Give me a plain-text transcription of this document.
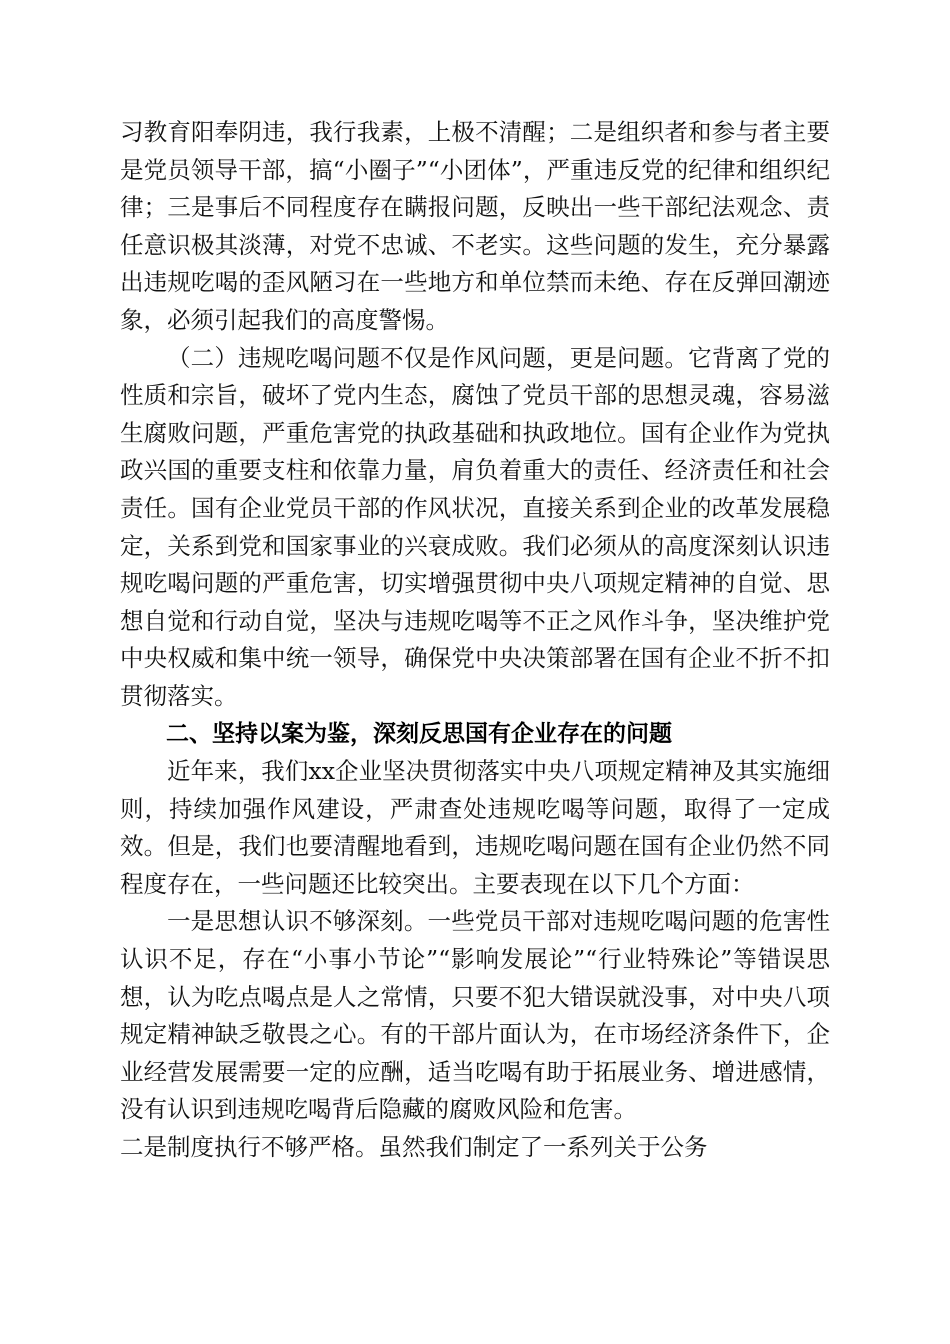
习教育阳奉阴违，我行我素，上极不清醒；二是组织者和参与者主要是党员领导干部，搞“小圈子”“小团体”，严重违反党的纪律和组织纪律；三是事后不同程度存在瞒报问题，反映出一些干部纪法观念、责任意识极其淡薄，对党不忠诚、不老实。这些问题的发生，充分暴露出违规吃喝的歪风陋习在一些地方和单位禁而未绝、存在反弹回潮迹象，必须引起我们的高度警惕。

（二）违规吃喝问题不仅是作风问题，更是问题。它背离了党的性质和宗旨，破坏了党内生态，腐蚀了党员干部的思想灵魂，容易滋生腐败问题，严重危害党的执政基础和执政地位。国有企业作为党执政兴国的重要支柱和依靠力量，肩负着重大的责任、经济责任和社会责任。国有企业党员干部的作风状况，直接关系到企业的改革发展稳定，关系到党和国家事业的兴衰成败。我们必须从的高度深刻认识违规吃喝问题的严重危害，切实增强贯彻中央八项规定精神的自觉、思想自觉和行动自觉，坚决与违规吃喝等不正之风作斗争，坚决维护党中央权威和集中统一领导，确保党中央决策部署在国有企业不折不扣贯彻落实。

二、坚持以案为鉴，深刻反思国有企业存在的问题

近年来，我们xx企业坚决贯彻落实中央八项规定精神及其实施细则，持续加强作风建设，严肃查处违规吃喝等问题，取得了一定成效。但是，我们也要清醒地看到，违规吃喝问题在国有企业仍然不同程度存在，一些问题还比较突出。主要表现在以下几个方面：

一是思想认识不够深刻。一些党员干部对违规吃喝问题的危害性认识不足，存在“小事小节论”“影响发展论”“行业特殊论”等错误思想，认为吃点喝点是人之常情，只要不犯大错误就没事，对中央八项规定精神缺乏敬畏之心。有的干部片面认为，在市场经济条件下，企业经营发展需要一定的应酬，适当吃喝有助于拓展业务、增进感情，没有认识到违规吃喝背后隐藏的腐败风险和危害。

二是制度执行不够严格。虽然我们制定了一系列关于公务
